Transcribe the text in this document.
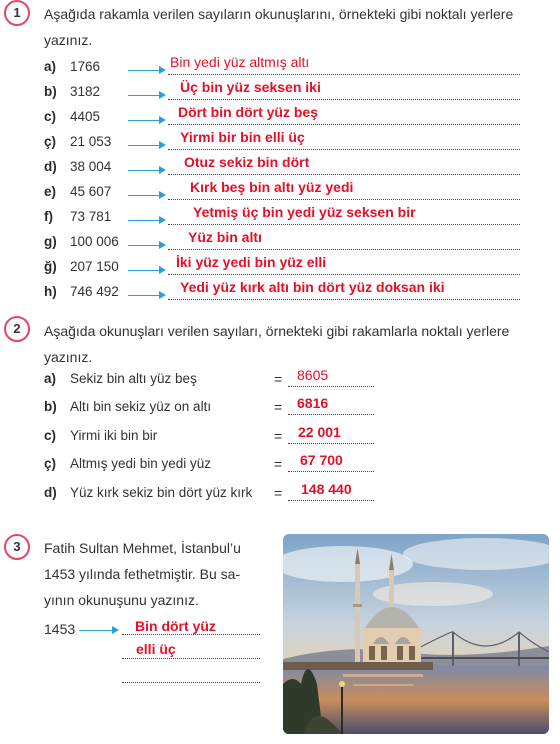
1	Aşağıda rakamla verilen sayıların okunuşlarını, örnekteki gibi noktalı yerlere
yazınız.
a) 1766	Bin yedi yüz altmış altı
b) 3182	Üç bin yüz seksen iki
c) 4405	Dört bin dört yüz beş
ç) 21 053	Yirmi bir bin elli üç
d) 38 004	Otuz sekiz bin dört
e) 45 607	Kırk beş bin altı yüz yedi
f) 73 781	Yetmiş üç bin yedi yüz seksen bir
g) 100 006	Yüz bin altı
ğ) 207 150	İki yüz yedi bin yüz elli
h) 746 492	Yedi yüz kırk altı bin dört yüz doksan iki
2	Aşağıda okunuşları verilen sayıları, örnekteki gibi rakamlarla noktalı yerlere
yazınız.
a) Sekiz bin altı yüz beş	= 8605
b) Altı bin sekiz yüz on altı	= 6816
c) Yirmi iki bin bir	= 22 001
ç) Altmış yedi bin yedi yüz	= 67 700
d) Yüz kırk sekiz bin dört yüz kırk = 148 440
3	Fatih Sultan Mehmet, İstanbul’u
1453 yılında fethetmiştir. Bu sa-
yının okunuşunu yazınız.
1453	Bin dört yüz
elli üç
